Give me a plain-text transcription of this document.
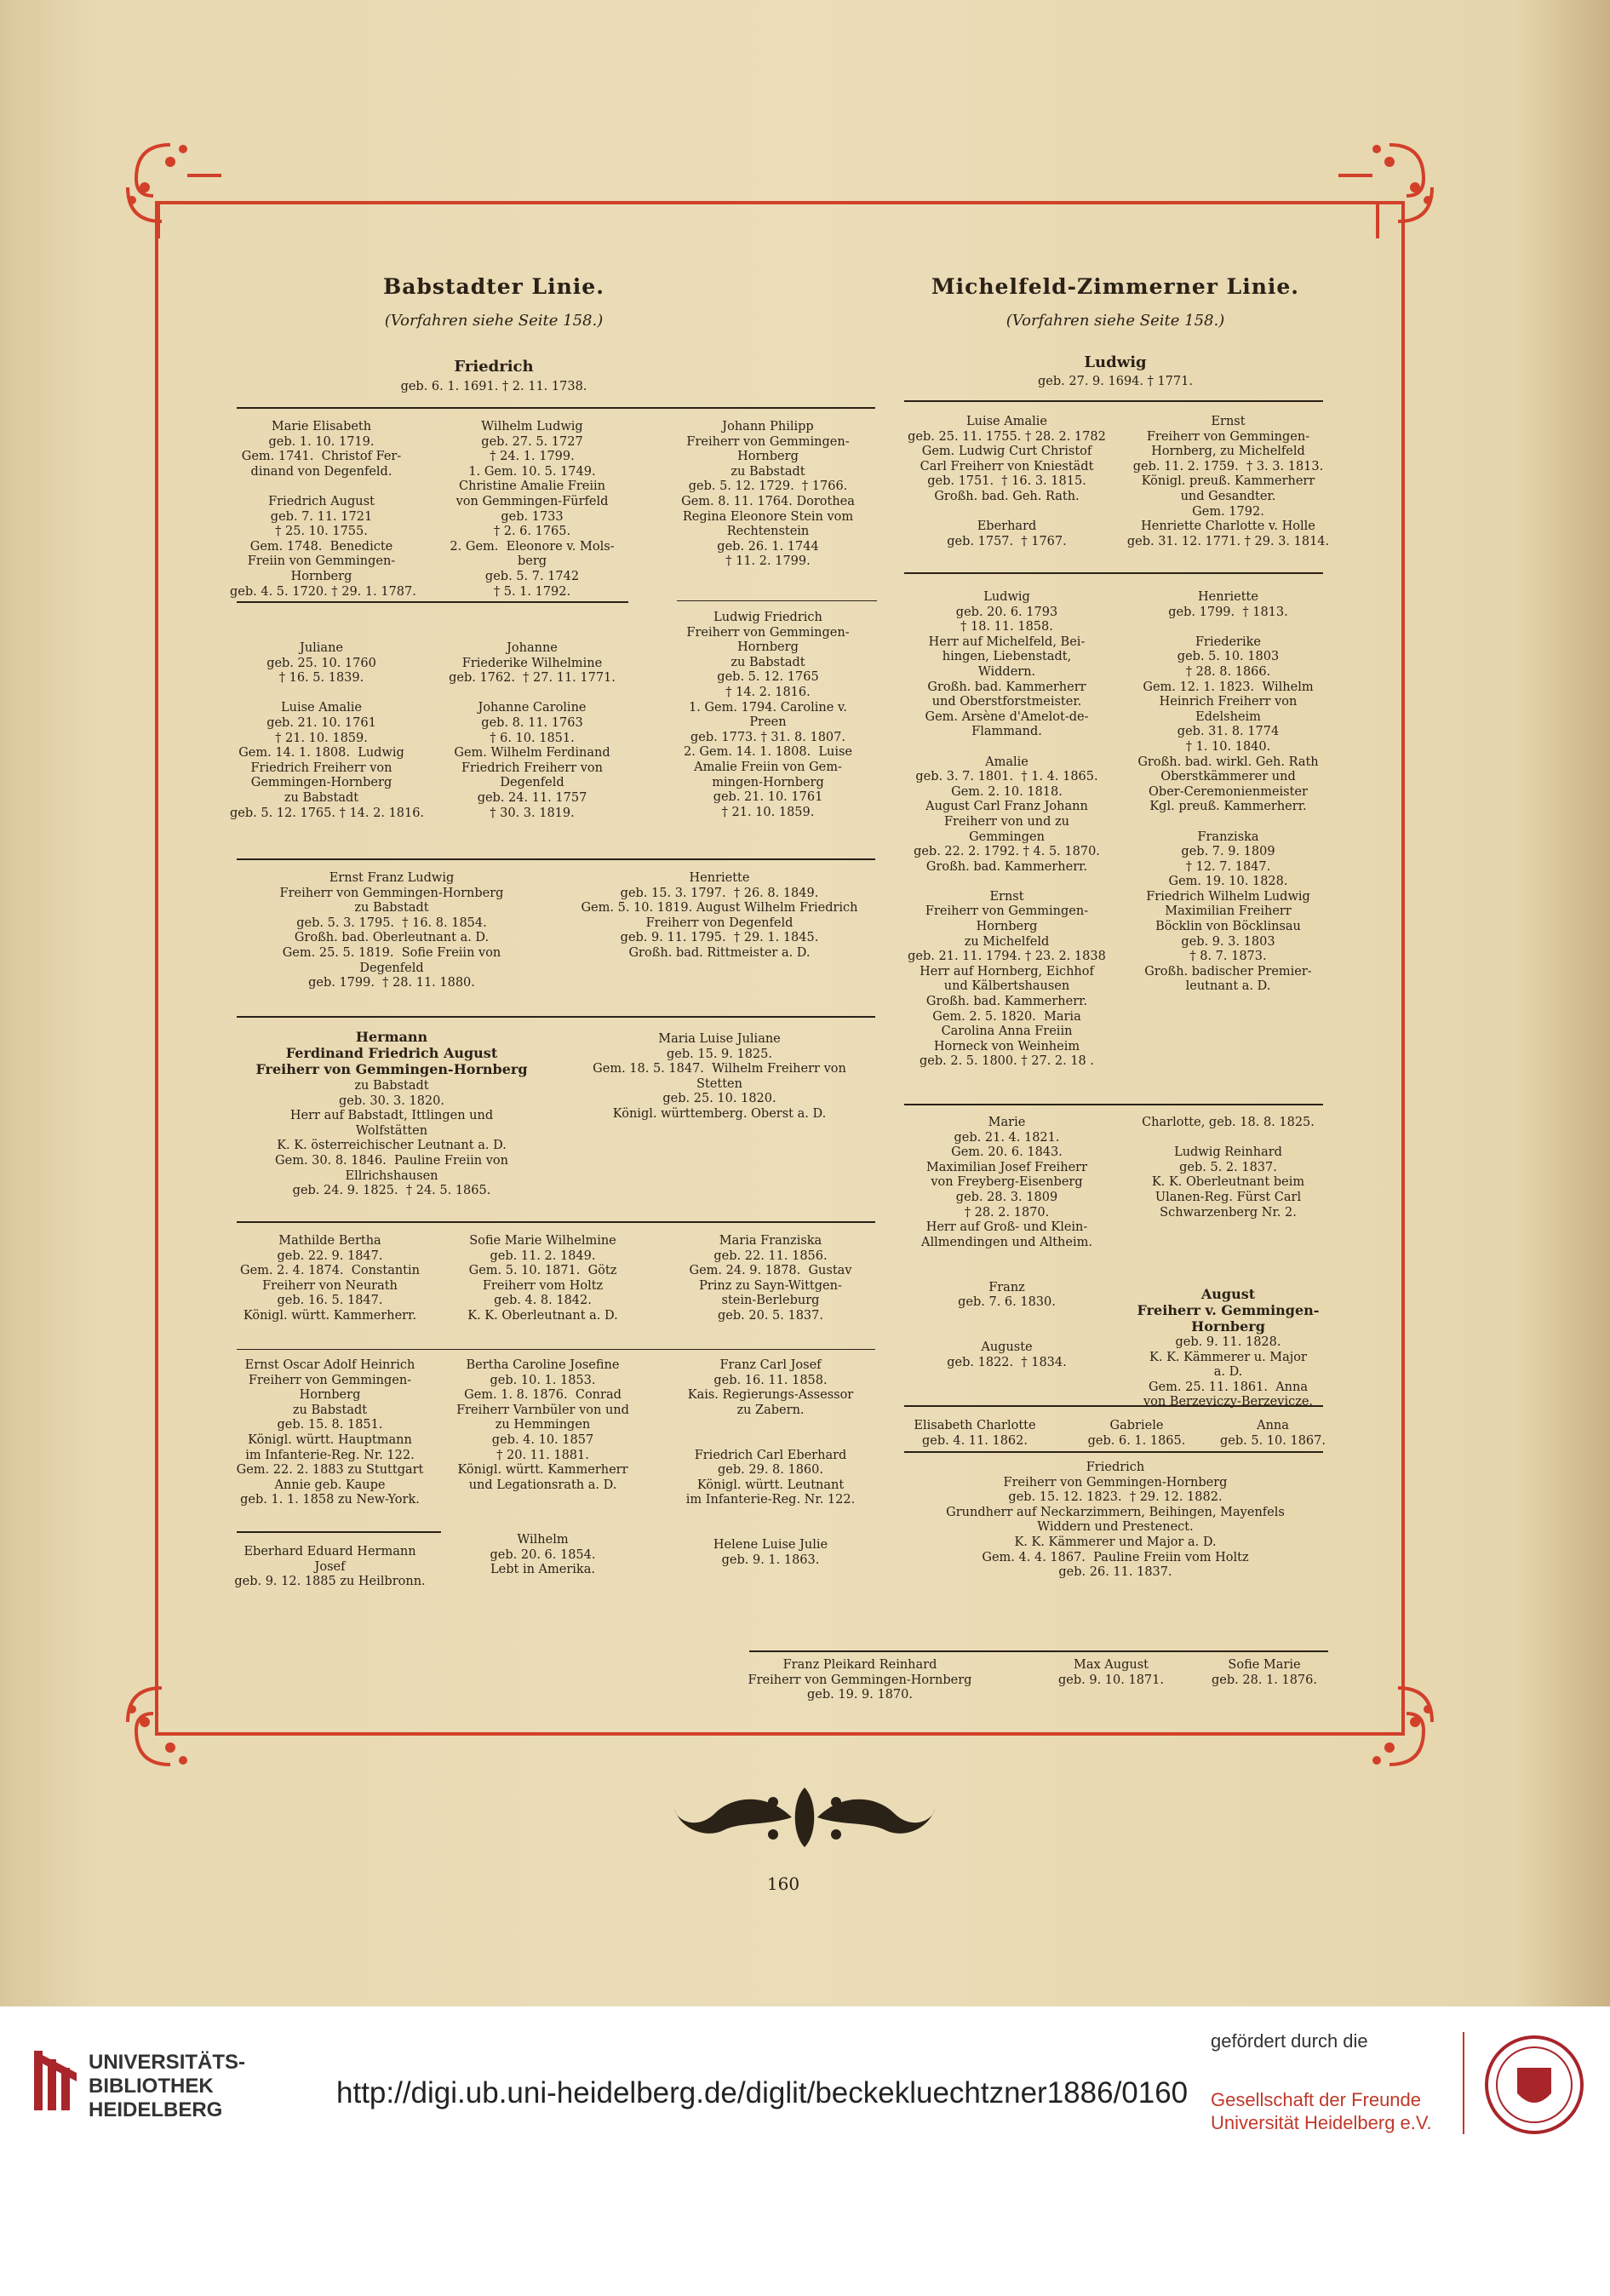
Babstadter Linie.
(Vorfahren siehe Seite 158.)
Friedrich
geb. 6. 1. 1691. † 2. 11. 1738.
Marie Elisabeth
geb. 1. 10. 1719.
Gem. 1741.  Christof Fer-
dinand von Degenfeld.

Friedrich August
geb. 7. 11. 1721
† 25. 10. 1755.
Gem. 1748.  Benedicte
Freiin von Gemmingen-
Hornberg
geb. 4. 5. 1720. † 29. 1. 1787.
Wilhelm Ludwig
geb. 27. 5. 1727
† 24. 1. 1799.
1. Gem. 10. 5. 1749.
Christine Amalie Freiin
von Gemmingen-Fürfeld
geb. 1733
† 2. 6. 1765.
2. Gem.  Eleonore v. Mols-
berg
geb. 5. 7. 1742
† 5. 1. 1792.
Johann Philipp
Freiherr von Gemmingen-
Hornberg
zu Babstadt
geb. 5. 12. 1729.  † 1766.
Gem. 8. 11. 1764. Dorothea
Regina Eleonore Stein vom
Rechtenstein
geb. 26. 1. 1744
† 11. 2. 1799.
Juliane
geb. 25. 10. 1760
† 16. 5. 1839.

Luise Amalie
geb. 21. 10. 1761
† 21. 10. 1859.
Gem. 14. 1. 1808.  Ludwig
Friedrich Freiherr von
Gemmingen-Hornberg
zu Babstadt
geb. 5. 12. 1765. † 14. 2. 1816.
Johanne
Friederike Wilhelmine
geb. 1762.  † 27. 11. 1771.

Johanne Caroline
geb. 8. 11. 1763
† 6. 10. 1851.
Gem. Wilhelm Ferdinand
Friedrich Freiherr von
Degenfeld
geb. 24. 11. 1757
† 30. 3. 1819.
Ludwig Friedrich
Freiherr von Gemmingen-
Hornberg
zu Babstadt
geb. 5. 12. 1765
† 14. 2. 1816.
1. Gem. 1794. Caroline v.
Preen
geb. 1773. † 31. 8. 1807.
2. Gem. 14. 1. 1808.  Luise
Amalie Freiin von Gem-
mingen-Hornberg
geb. 21. 10. 1761
† 21. 10. 1859.
Ernst Franz Ludwig
Freiherr von Gemmingen-Hornberg
zu Babstadt
geb. 5. 3. 1795.  † 16. 8. 1854.
Großh. bad. Oberleutnant a. D.
Gem. 25. 5. 1819.  Sofie Freiin von
Degenfeld
geb. 1799.  † 28. 11. 1880.
Henriette
geb. 15. 3. 1797.  † 26. 8. 1849.
Gem. 5. 10. 1819. August Wilhelm Friedrich
Freiherr von Degenfeld
geb. 9. 11. 1795.  † 29. 1. 1845.
Großh. bad. Rittmeister a. D.
Hermann
Ferdinand Friedrich August
Freiherr von Gemmingen-Hornberg
zu Babstadt
geb. 30. 3. 1820.
Herr auf Babstadt, Ittlingen und
Wolfstätten
K. K. österreichischer Leutnant a. D.
Gem. 30. 8. 1846.  Pauline Freiin von
Ellrichshausen
geb. 24. 9. 1825.  † 24. 5. 1865.
Maria Luise Juliane
geb. 15. 9. 1825.
Gem. 18. 5. 1847.  Wilhelm Freiherr von
Stetten
geb. 25. 10. 1820.
Königl. württemberg. Oberst a. D.
Mathilde Bertha
geb. 22. 9. 1847.
Gem. 2. 4. 1874.  Constantin
Freiherr von Neurath
geb. 16. 5. 1847.
Königl. württ. Kammerherr.
Sofie Marie Wilhelmine
geb. 11. 2. 1849.
Gem. 5. 10. 1871.  Götz
Freiherr vom Holtz
geb. 4. 8. 1842.
K. K. Oberleutnant a. D.
Maria Franziska
geb. 22. 11. 1856.
Gem. 24. 9. 1878.  Gustav
Prinz zu Sayn-Wittgen-
stein-Berleburg
geb. 20. 5. 1837.
Ernst Oscar Adolf Heinrich
Freiherr von Gemmingen-
Hornberg
zu Babstadt
geb. 15. 8. 1851.
Königl. württ. Hauptmann
im Infanterie-Reg. Nr. 122.
Gem. 22. 2. 1883 zu Stuttgart
Annie geb. Kaupe
geb. 1. 1. 1858 zu New-York.
Bertha Caroline Josefine
geb. 10. 1. 1853.
Gem. 1. 8. 1876.  Conrad
Freiherr Varnbüler von und
zu Hemmingen
geb. 4. 10. 1857
† 20. 11. 1881.
Königl. württ. Kammerherr
und Legationsrath a. D.
Franz Carl Josef
geb. 16. 11. 1858.
Kais. Regierungs-Assessor
zu Zabern.

Friedrich Carl Eberhard
geb. 29. 8. 1860.
Königl. württ. Leutnant
im Infanterie-Reg. Nr. 122.
Eberhard Eduard Hermann
Josef
geb. 9. 12. 1885 zu Heilbronn.
Wilhelm
geb. 20. 6. 1854.
Lebt in Amerika.
Helene Luise Julie
geb. 9. 1. 1863.
Michelfeld-Zimmerner Linie.
(Vorfahren siehe Seite 158.)
Ludwig
geb. 27. 9. 1694. † 1771.
Luise Amalie
geb. 25. 11. 1755. † 28. 2. 1782
Gem. Ludwig Curt Christof
Carl Freiherr von Kniestädt
geb. 1751.  † 16. 3. 1815.
Großh. bad. Geh. Rath.

Eberhard
geb. 1757.  † 1767.
Ernst
Freiherr von Gemmingen-
Hornberg, zu Michelfeld
geb. 11. 2. 1759.  † 3. 3. 1813.
Königl. preuß. Kammerherr
und Gesandter.
Gem. 1792.
Henriette Charlotte v. Holle
geb. 31. 12. 1771. † 29. 3. 1814.
Ludwig
geb. 20. 6. 1793
† 18. 11. 1858.
Herr auf Michelfeld, Bei-
hingen, Liebenstadt,
Widdern.
Großh. bad. Kammerherr
und Oberstforstmeister.
Gem. Arsène d'Amelot-de-
Flammand.

Amalie
geb. 3. 7. 1801.  † 1. 4. 1865.
Gem. 2. 10. 1818.
August Carl Franz Johann
Freiherr von und zu
Gemmingen
geb. 22. 2. 1792. † 4. 5. 1870.
Großh. bad. Kammerherr.

Ernst
Freiherr von Gemmingen-
Hornberg
zu Michelfeld
geb. 21. 11. 1794. † 23. 2. 1838
Herr auf Hornberg, Eichhof
und Kälbertshausen
Großh. bad. Kammerherr.
Gem. 2. 5. 1820.  Maria
Carolina Anna Freiin
Horneck von Weinheim
geb. 2. 5. 1800. † 27. 2. 18 .
Henriette
geb. 1799.  † 1813.

Friederike
geb. 5. 10. 1803
† 28. 8. 1866.
Gem. 12. 1. 1823.  Wilhelm
Heinrich Freiherr von
Edelsheim
geb. 31. 8. 1774
† 1. 10. 1840.
Großh. bad. wirkl. Geh. Rath
Oberstkämmerer und
Ober-Ceremonienmeister
Kgl. preuß. Kammerherr.

Franziska
geb. 7. 9. 1809
† 12. 7. 1847.
Gem. 19. 10. 1828.
Friedrich Wilhelm Ludwig
Maximilian Freiherr
Böcklin von Böcklinsau
geb. 9. 3. 1803
† 8. 7. 1873.
Großh. badischer Premier-
leutnant a. D.
Marie
geb. 21. 4. 1821.
Gem. 20. 6. 1843.
Maximilian Josef Freiherr
von Freyberg-Eisenberg
geb. 28. 3. 1809
† 28. 2. 1870.
Herr auf Groß- und Klein-
Allmendingen und Altheim.

Franz
geb. 7. 6. 1830.

Auguste
geb. 1822.  † 1834.
Charlotte, geb. 18. 8. 1825.

Ludwig Reinhard
geb. 5. 2. 1837.
K. K. Oberleutnant beim
Ulanen-Reg. Fürst Carl
Schwarzenberg Nr. 2.
August
Freiherr v. Gemmingen-
Hornberg
geb. 9. 11. 1828.
K. K. Kämmerer u. Major
a. D.
Gem. 25. 11. 1861.  Anna
von Berzeviczy-Berzevicze.
Elisabeth Charlotte
geb. 4. 11. 1862.
Gabriele
geb. 6. 1. 1865.
Anna
geb. 5. 10. 1867.
Friedrich
Freiherr von Gemmingen-Hornberg
geb. 15. 12. 1823.  † 29. 12. 1882.
Grundherr auf Neckarzimmern, Beihingen, Mayenfels
Widdern und Prestenect.
K. K. Kämmerer und Major a. D.
Gem. 4. 4. 1867.  Pauline Freiin vom Holtz
geb. 26. 11. 1837.
Franz Pleikard Reinhard
Freiherr von Gemmingen-Hornberg
geb. 19. 9. 1870.
Max August
geb. 9. 10. 1871.
Sofie Marie
geb. 28. 1. 1876.
160
UNIVERSITÄTS-
BIBLIOTHEK
HEIDELBERG
http://digi.ub.uni-heidelberg.de/diglit/beckekluechtzner1886/0160
gefördert durch die
Gesellschaft der Freunde
Universität Heidelberg e.V.
